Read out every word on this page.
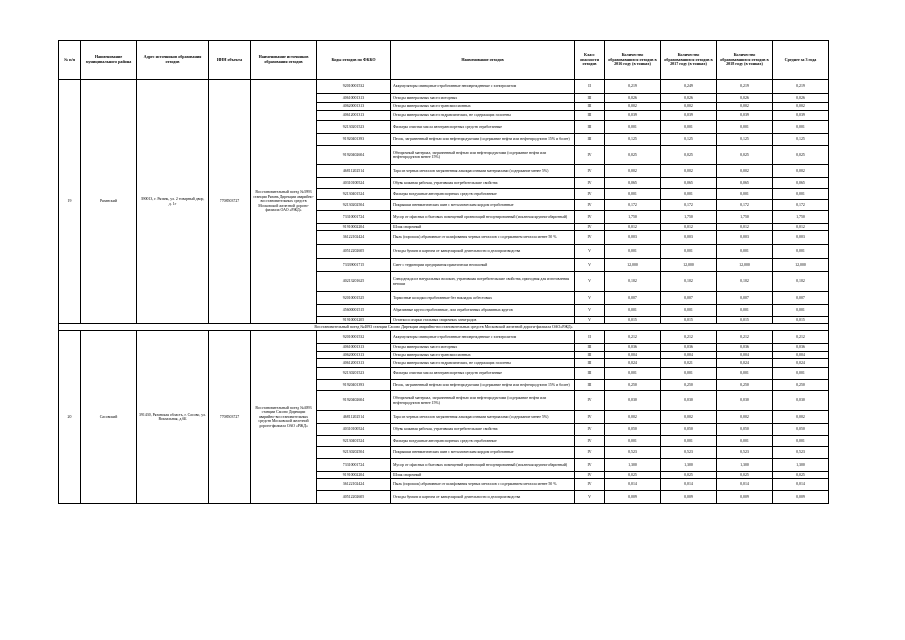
№ п/п	Наименование муниципального района	Адрес источников образования отходов	ИНН объекта	Наименование источников образования отходов	Коды отходов по ФККО	Наименование отходов	Класс опасности отходов	Количество образовавшихся отходов в 2016 году (в тоннах)	Количество образовавшихся отходов в 2017 году (в тоннах)	Количество образовавшихся отходов в 2018 году (в тоннах)	Среднее за 3 года
19	Рязанский	390013, г. Рязань, ул. 2 товарный двор, д. 1г	7708503727	Восстановительный поезд №3993 станции Рязань Дирекции аварийно-восстановительных средств Московской железной дороги-филиала ОАО «РЖД»	92010001532	Аккумуляторы свинцовые отработанные неповрежденные с электролитом	II	0,219	0,249	0,219	0,219
					40610001313	Отходы минеральных масел моторных	III	0,026	0,026	0,026	0,026
					40620001313	Отходы минеральных масел трансмиссионных	III	0,002	0,002	0,002	0,002
					40612001313	Отходы минеральных масел гидравлических, не содержащих галогены	III	0,039	0,039	0,039	0,039
					92130201523	Фильтры очистки масла автотранспортных средств отработанные	III	0,001	0,001	0,001	0,001
					91920401393	Песок, загрязненный нефтью или нефтепродуктами (содержание нефти или нефтепродуктов 15% и более)	III	0,125	0,125	0,125	0,125
					91920402604	Обтирочный материал, загрязненный нефтью или нефтепродуктами (содержание нефти или нефтепродуктов менее 15%)	IV	0,025	0,025	0,025	0,025
					46811202514	Тара из черных металлов загрязненная лакокрасочными материалами (содержание менее 5%)	IV	0,002	0,002	0,002	0,002
					40310100524	Обувь кожаная рабочая, утратившая потребительские свойства	IV	0,065	0,065	0,065	0,065
					92130401524	Фильтры воздушные автотранспортных средств отработанные	IV	0,001	0,001	0,001	0,001
					92130202504	Покрышки пневматических шин с металлическим кордом отработанные	IV	0,172	0,172	0,172	0,172
					73310001724	Мусор от офисных и бытовых помещений организаций несортированный (исключая крупногабаритный)	IV	1,750	1,750	1,750	1,750
					91910002204	Шлак сварочный	IV	0,012	0,012	0,012	0,012
					36122102424	Пыль (порошок) абразивные от шлифования черных металлов с содержанием металла менее 50 %	IV	0,003	0,003	0,003	0,003
					40512202605	Отходы бумаги и картона от канцелярской деятельности и делопроизводства	V	0,001	0,001	0,001	0,001
					73339001715	Смет с территории предприятия практически неопасный	V	12,000	12,000	12,000	12,000
					40213201625	Спецодежда из натуральных волокон, утратившая потребительские свойства, пригодная для изготовления ветоши	V	0,102	0,102	0,102	0,102
					92010001525	Тормозные колодки отработанные без накладок асбестовых	V	0,007	0,007	0,007	0,007
					45600001515	Абразивные круги отработанные, лом отработанных абразивных кругов	V	0,001	0,001	0,001	0,001
					91910001205	Остатки и огарки стальных сварочных электродов	V	0,015	0,015	0,015	0,015
Восстановительный поезд №4093 станции Сасово Дирекции аварийно-восстановительных средств Московской железной дороги-филиала ОАО«РЖД»											
20	Сасовский	391430, Рязанская область, г. Сасово, ул. Вокзальная, д.6Б	7708503727	Восстановительный поезд №4093 станции Сасово Дирекции аварийно-восстановительных средств Московской железной дороги-филиала ОАО «РЖД»	92010001532	Аккумуляторы свинцовые отработанные неповрежденные с электролитом	II	0,212	0,212	0,212	0,212
					40610001313	Отходы минеральных масел моторных	III	0,036	0,036	0,036	0,036
					40620001313	Отходы минеральных масел трансмиссионных	III	0,004	0,004	0,004	0,004
					40612001313	Отходы минеральных масел гидравлических, не содержащих галогены	III	0,024	0,021	0,024	0,024
					92130201523	Фильтры очистки масла автотранспортных средств отработанные	III	0,001	0,001	0,001	0,001
					91920401393	Песок, загрязненный нефтью или нефтепродуктами (содержание нефти или нефтепродуктов 15% и более)	III	0,250	0,250	0,250	0,250
					91920402604	Обтирочный материал, загрязненный нефтью или нефтепродуктами (содержание нефти или нефтепродуктов менее 15%)	IV	0,030	0,030	0,030	0,030
					46811202514	Тара из черных металлов загрязненная лакокрасочными материалами (содержание менее 5%)	IV	0,002	0,002	0,002	0,002
					40310100524	Обувь кожаная рабочая, утратившая потребительские свойства	IV	0,050	0,050	0,050	0,050
					92130401524	Фильтры воздушные автотранспортных средств отработанные	IV	0,001	0,001	0,001	0,001
					92130202504	Покрышки пневматических шин с металлическим кордом отработанные	IV	0,523	0,523	0,523	0,523
					73310001724	Мусор от офисных и бытовых помещений организаций несортированный (исключая крупногабаритный)	IV	1,300	1,300	1,300	1,300
					91910002204	Шлак сварочный	IV	0,025	0,025	0,025	0,025
					36122102424	Пыль (порошок) абразивные от шлифования черных металлов с содержанием металла менее 50 %	IV	0,014	0,014	0,014	0,014
					40512202605	Отходы бумаги и картона от канцелярской деятельности и делопроизводства	V	0,009	0,009	0,009	0,009
